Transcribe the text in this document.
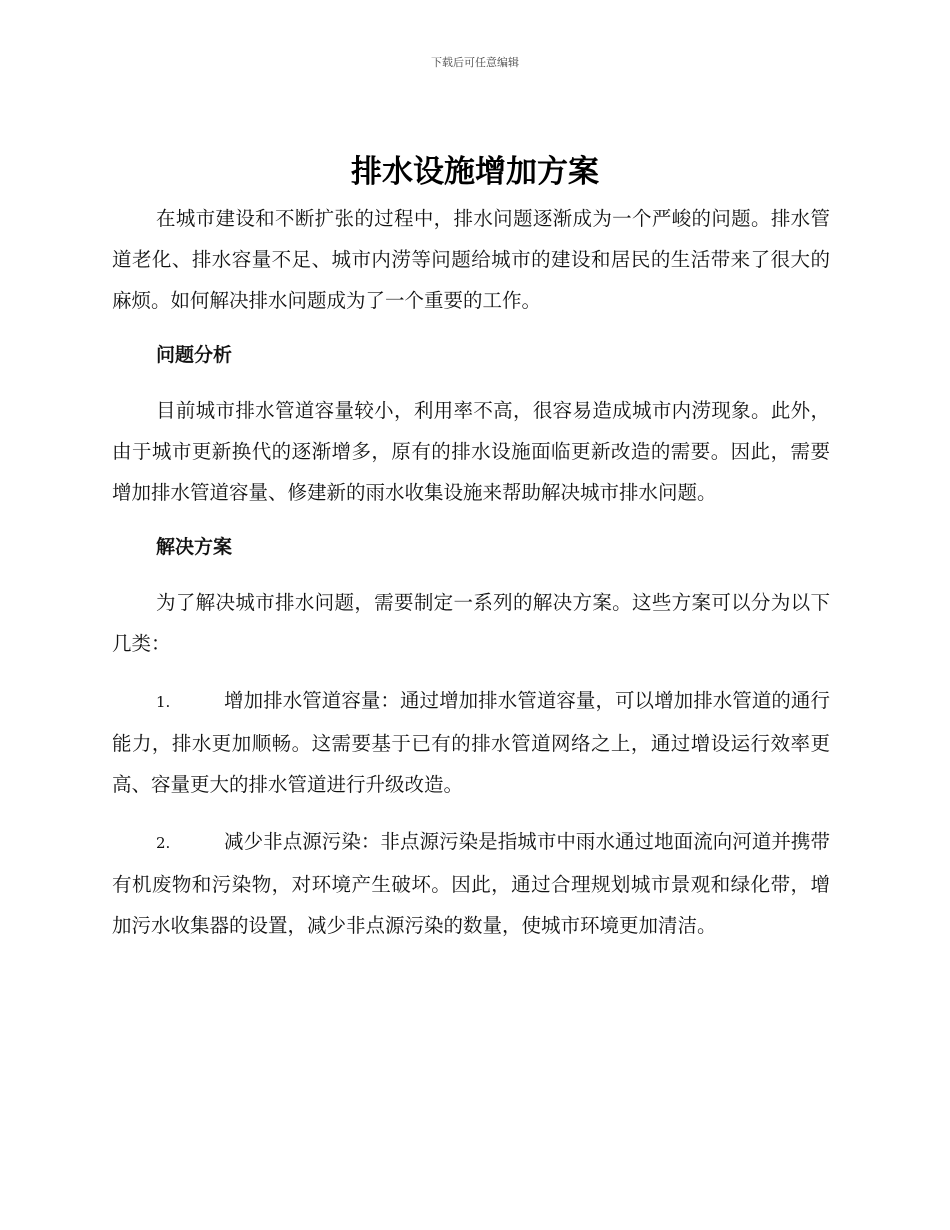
下载后可任意编辑
排水设施增加方案

在城市建设和不断扩张的过程中，排水问题逐渐成为一个严峻的问题。排水管道老化、排水容量不足、城市内涝等问题给城市的建设和居民的生活带来了很大的麻烦。如何解决排水问题成为了一个重要的工作。

问题分析

目前城市排水管道容量较小，利用率不高，很容易造成城市内涝现象。此外，由于城市更新换代的逐渐增多，原有的排水设施面临更新改造的需要。因此，需要增加排水管道容量、修建新的雨水收集设施来帮助解决城市排水问题。

解决方案

为了解决城市排水问题，需要制定一系列的解决方案。这些方案可以分为以下几类：

1.	增加排水管道容量：通过增加排水管道容量，可以增加排水管道的通行能力，排水更加顺畅。这需要基于已有的排水管道网络之上，通过增设运行效率更高、容量更大的排水管道进行升级改造。

2.	减少非点源污染：非点源污染是指城市中雨水通过地面流向河道并携带有机废物和污染物，对环境产生破坏。因此，通过合理规划城市景观和绿化带，增加污水收集器的设置，减少非点源污染的数量，使城市环境更加清洁。
